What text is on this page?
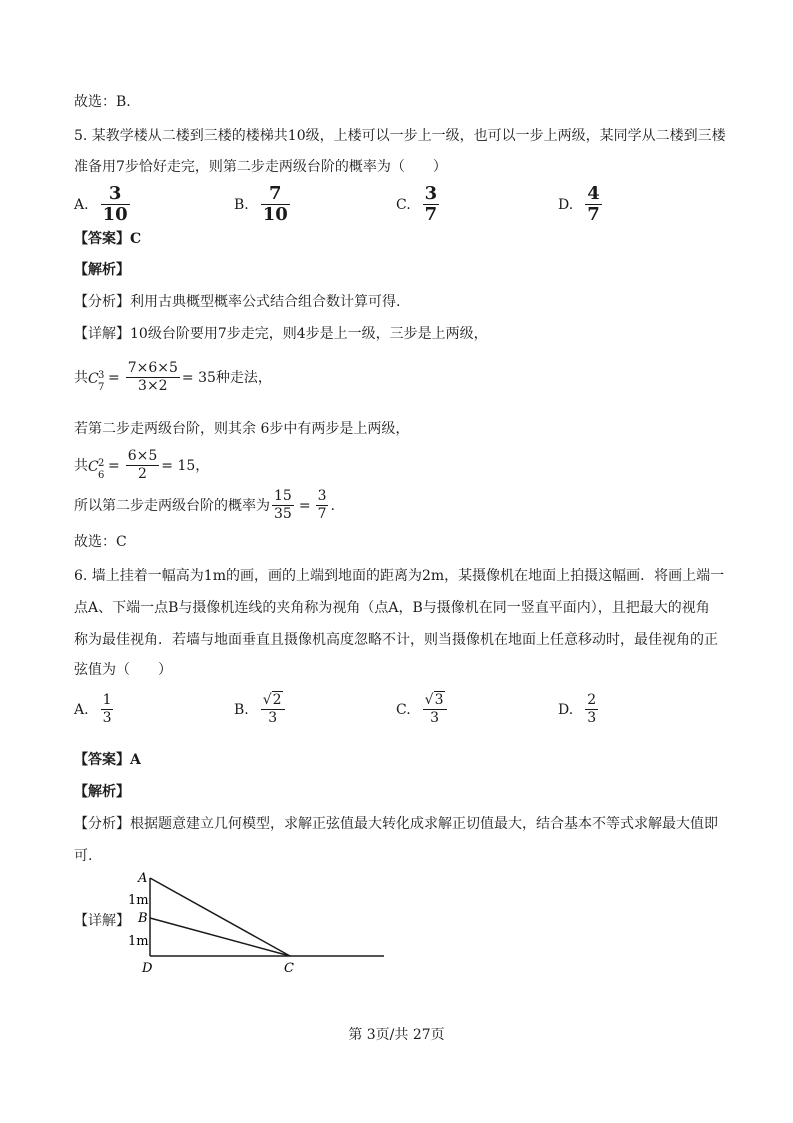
故选：B.
5. 某教学楼从二楼到三楼的楼梯共10级，上楼可以一步上一级，也可以一步上两级，某同学从二楼到三楼
准备用7步恰好走完，则第二步走两级台阶的概率为（　　）
A. $\frac{3}{10}$	B. $\frac{7}{10}$	C. $\frac{3}{7}$	D. $\frac{4}{7}$
【答案】C
【解析】
【分析】利用古典概型概率公式结合组合数计算可得.
【详解】10级台阶要用7步走完，则4步是上一级，三步是上两级，
共 C 3
7
= $\frac{7\times 6\times 5}{3\times 2} = 35$ 种走法，
若第二步走两级台阶，则其余 6步中有两步是上两级，
共 C 2
6
= $\frac{6\times 5}{2} = 15$ ，
所以第二步走两级台阶的概率为 $\frac{15}{35} = \frac{3}{7}$ .
故选：C
6. 墙上挂着一幅高为1m的画，画的上端到地面的距离为2m，某摄像机在地面上拍摄这幅画．将画上端一
点A、下端一点B与摄像机连线的夹角称为视角（点A，B与摄像机在同一竖直平面内），且把最大的视角
称为最佳视角．若墙与地面垂直且摄像机高度忽略不计，则当摄像机在地面上任意移动时，最佳视角的正
弦值为（　　）
A. $\frac{1}{3}$	B. $\frac{√2}{3}$	C. $\frac{√3}{3}$	D. $\frac{2}{3}$
【答案】A
【解析】
【分析】根据题意建立几何模型，求解正弦值最大转化成求解正切值最大，结合基本不等式求解最大值即
可.
【详解】
A
B
D	C
1m
1m
第 3页/共 27页
